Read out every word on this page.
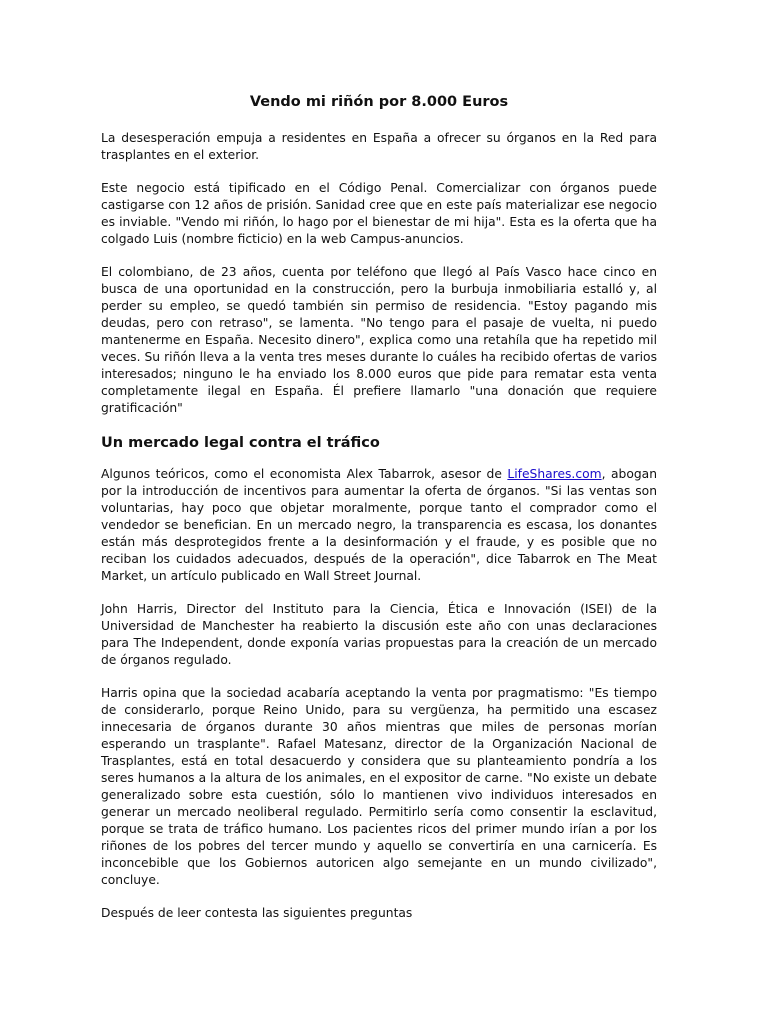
Vendo mi riñón por 8.000 Euros

La desesperación empuja a residentes en España a ofrecer su órganos en la Red para trasplantes en el exterior.

Este negocio está tipificado en el Código Penal. Comercializar con órganos puede castigarse con 12 años de prisión. Sanidad cree que en este país materializar ese negocio es inviable. "Vendo mi riñón, lo hago por el bienestar de mi hija". Esta es la oferta que ha colgado Luis (nombre ficticio) en la web Campus-anuncios.

El colombiano, de 23 años, cuenta por teléfono que llegó al País Vasco hace cinco en busca de una oportunidad en la construcción, pero la burbuja inmobiliaria estalló y, al perder su empleo, se quedó también sin permiso de residencia. "Estoy pagando mis deudas, pero con retraso", se lamenta. "No tengo para el pasaje de vuelta, ni puedo mantenerme en España. Necesito dinero", explica como una retahíla que ha repetido mil veces. Su riñón lleva a la venta tres meses durante lo cuáles ha recibido ofertas de varios interesados; ninguno le ha enviado los 8.000 euros que pide para rematar esta venta completamente ilegal en España. Él prefiere llamarlo "una donación que requiere gratificación"

Un mercado legal contra el tráfico

Algunos teóricos, como el economista Alex Tabarrok, asesor de LifeShares.com, abogan por la introducción de incentivos para aumentar la oferta de órganos. "Si las ventas son voluntarias, hay poco que objetar moralmente, porque tanto el comprador como el vendedor se benefician. En un mercado negro, la transparencia es escasa, los donantes están más desprotegidos frente a la desinformación y el fraude, y es posible que no reciban los cuidados adecuados, después de la operación", dice Tabarrok en The Meat Market, un artículo publicado en Wall Street Journal.

John Harris, Director del Instituto para la Ciencia, Ética e Innovación (ISEI) de la Universidad de Manchester ha reabierto la discusión este año con unas declaraciones para The Independent, donde exponía varias propuestas para la creación de un mercado de órganos regulado.

Harris opina que la sociedad acabaría aceptando la venta por pragmatismo: "Es tiempo de considerarlo, porque Reino Unido, para su vergüenza, ha permitido una escasez innecesaria de órganos durante 30 años mientras que miles de personas morían esperando un trasplante". Rafael Matesanz, director de la Organización Nacional de Trasplantes, está en total desacuerdo y considera que su planteamiento pondría a los seres humanos a la altura de los animales, en el expositor de carne. "No existe un debate generalizado sobre esta cuestión, sólo lo mantienen vivo individuos interesados en generar un mercado neoliberal regulado. Permitirlo sería como consentir la esclavitud, porque se trata de tráfico humano. Los pacientes ricos del primer mundo irían a por los riñones de los pobres del tercer mundo y aquello se convertiría en una carnicería. Es inconcebible que los Gobiernos autoricen algo semejante en un mundo civilizado", concluye.

Después de leer contesta las siguientes preguntas
